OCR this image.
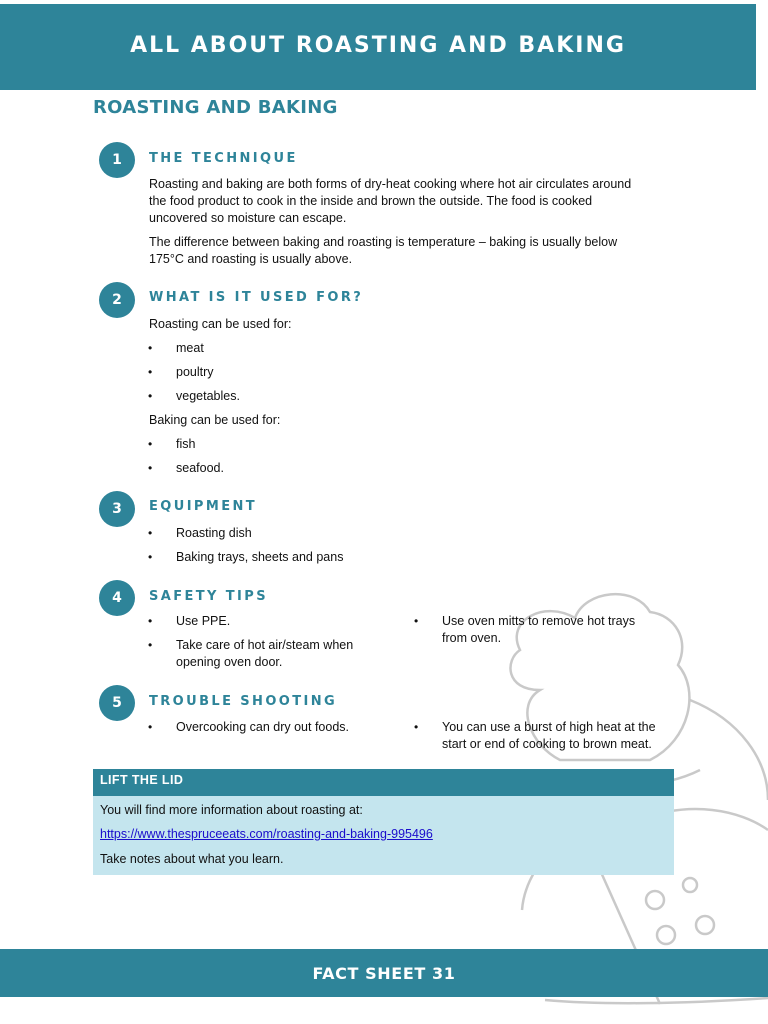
ALL ABOUT ROASTING AND BAKING
ROASTING AND BAKING
1	THE TECHNIQUE
Roasting and baking are both forms of dry-heat cooking where hot air circulates around
the food product to cook in the inside and brown the outside. The food is cooked
uncovered so moisture can escape.
The difference between baking and roasting is temperature – baking is usually below
175°C and roasting is usually above.
2	WHAT IS IT USED FOR?
Roasting can be used for:
• meat
• poultry
• vegetables.
Baking can be used for:
• fish
• seafood.
3	EQUIPMENT
• Roasting dish
• Baking trays, sheets and pans
4	SAFETY TIPS
• Use PPE.
• Take care of hot air/steam when
opening oven door.
• Use oven mitts to remove hot trays
from oven.
5	TROUBLE SHOOTING
• Overcooking can dry out foods.	• You can use a burst of high heat at the
start or end of cooking to brown meat.
LIFT THE LID
You will find more information about roasting at:
https://www.thespruceeats.com/roasting-and-baking-995496
Take notes about what you learn.
FACT SHEET 31
